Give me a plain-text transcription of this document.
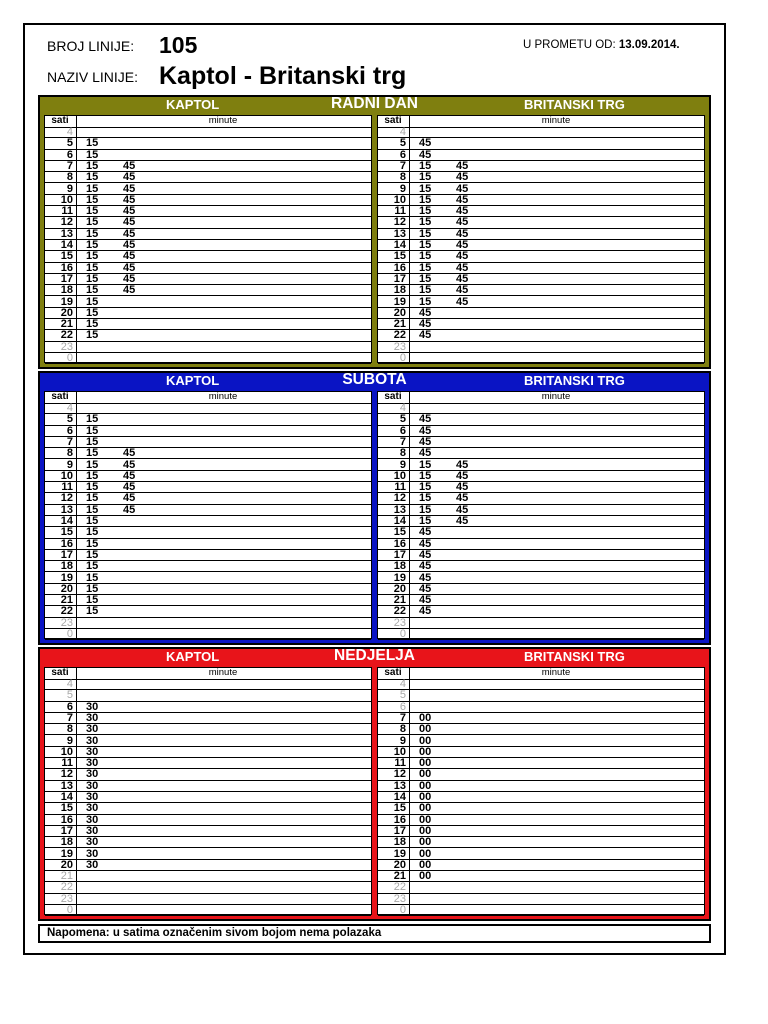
BROJ LINIJE: 105
NAZIV LINIJE: Kaptol - Britanski trg
U PROMETU OD: 13.09.2014.
KAPTOL	RADNI DAN	BRITANSKI TRG
sati	minute
4
5 15
6 15
7 15 45
8 15 45
9 15 45
10 15 45
11 15 45
12 15 45
13 15 45
14 15 45
15 15 45
16 15 45
17 15 45
18 15 45
19 15
20 15
21 15
22 15
23
0
sati	minute
4
5 45
6 45
7 15 45
8 15 45
9 15 45
10 15 45
11 15 45
12 15 45
13 15 45
14 15 45
15 15 45
16 15 45
17 15 45
18 15 45
19 15 45
20 45
21 45
22 45
23
0
KAPTOL	SUBOTA	BRITANSKI TRG
sati	minute
4
5 15
6 15
7 15
8 15 45
9 15 45
10 15 45
11 15 45
12 15 45
13 15 45
14 15
15 15
16 15
17 15
18 15
19 15
20 15
21 15
22 15
23
0
sati	minute
4
5 45
6 45
7 45
8 45
9 15 45
10 15 45
11 15 45
12 15 45
13 15 45
14 15 45
15 45
16 45
17 45
18 45
19 45
20 45
21 45
22 45
23
0
KAPTOL	NEDJELJA	BRITANSKI TRG
sati	minute
4
5
6 30
7 30
8 30
9 30
10 30
11 30
12 30
13 30
14 30
15 30
16 30
17 30
18 30
19 30
20 30
21
22
23
0
sati	minute
4
5
6
7 00
8 00
9 00
10 00
11 00
12 00
13 00
14 00
15 00
16 00
17 00
18 00
19 00
20 00
21 00
22
23
0
Napomena: u satima označenim sivom bojom nema polazaka
